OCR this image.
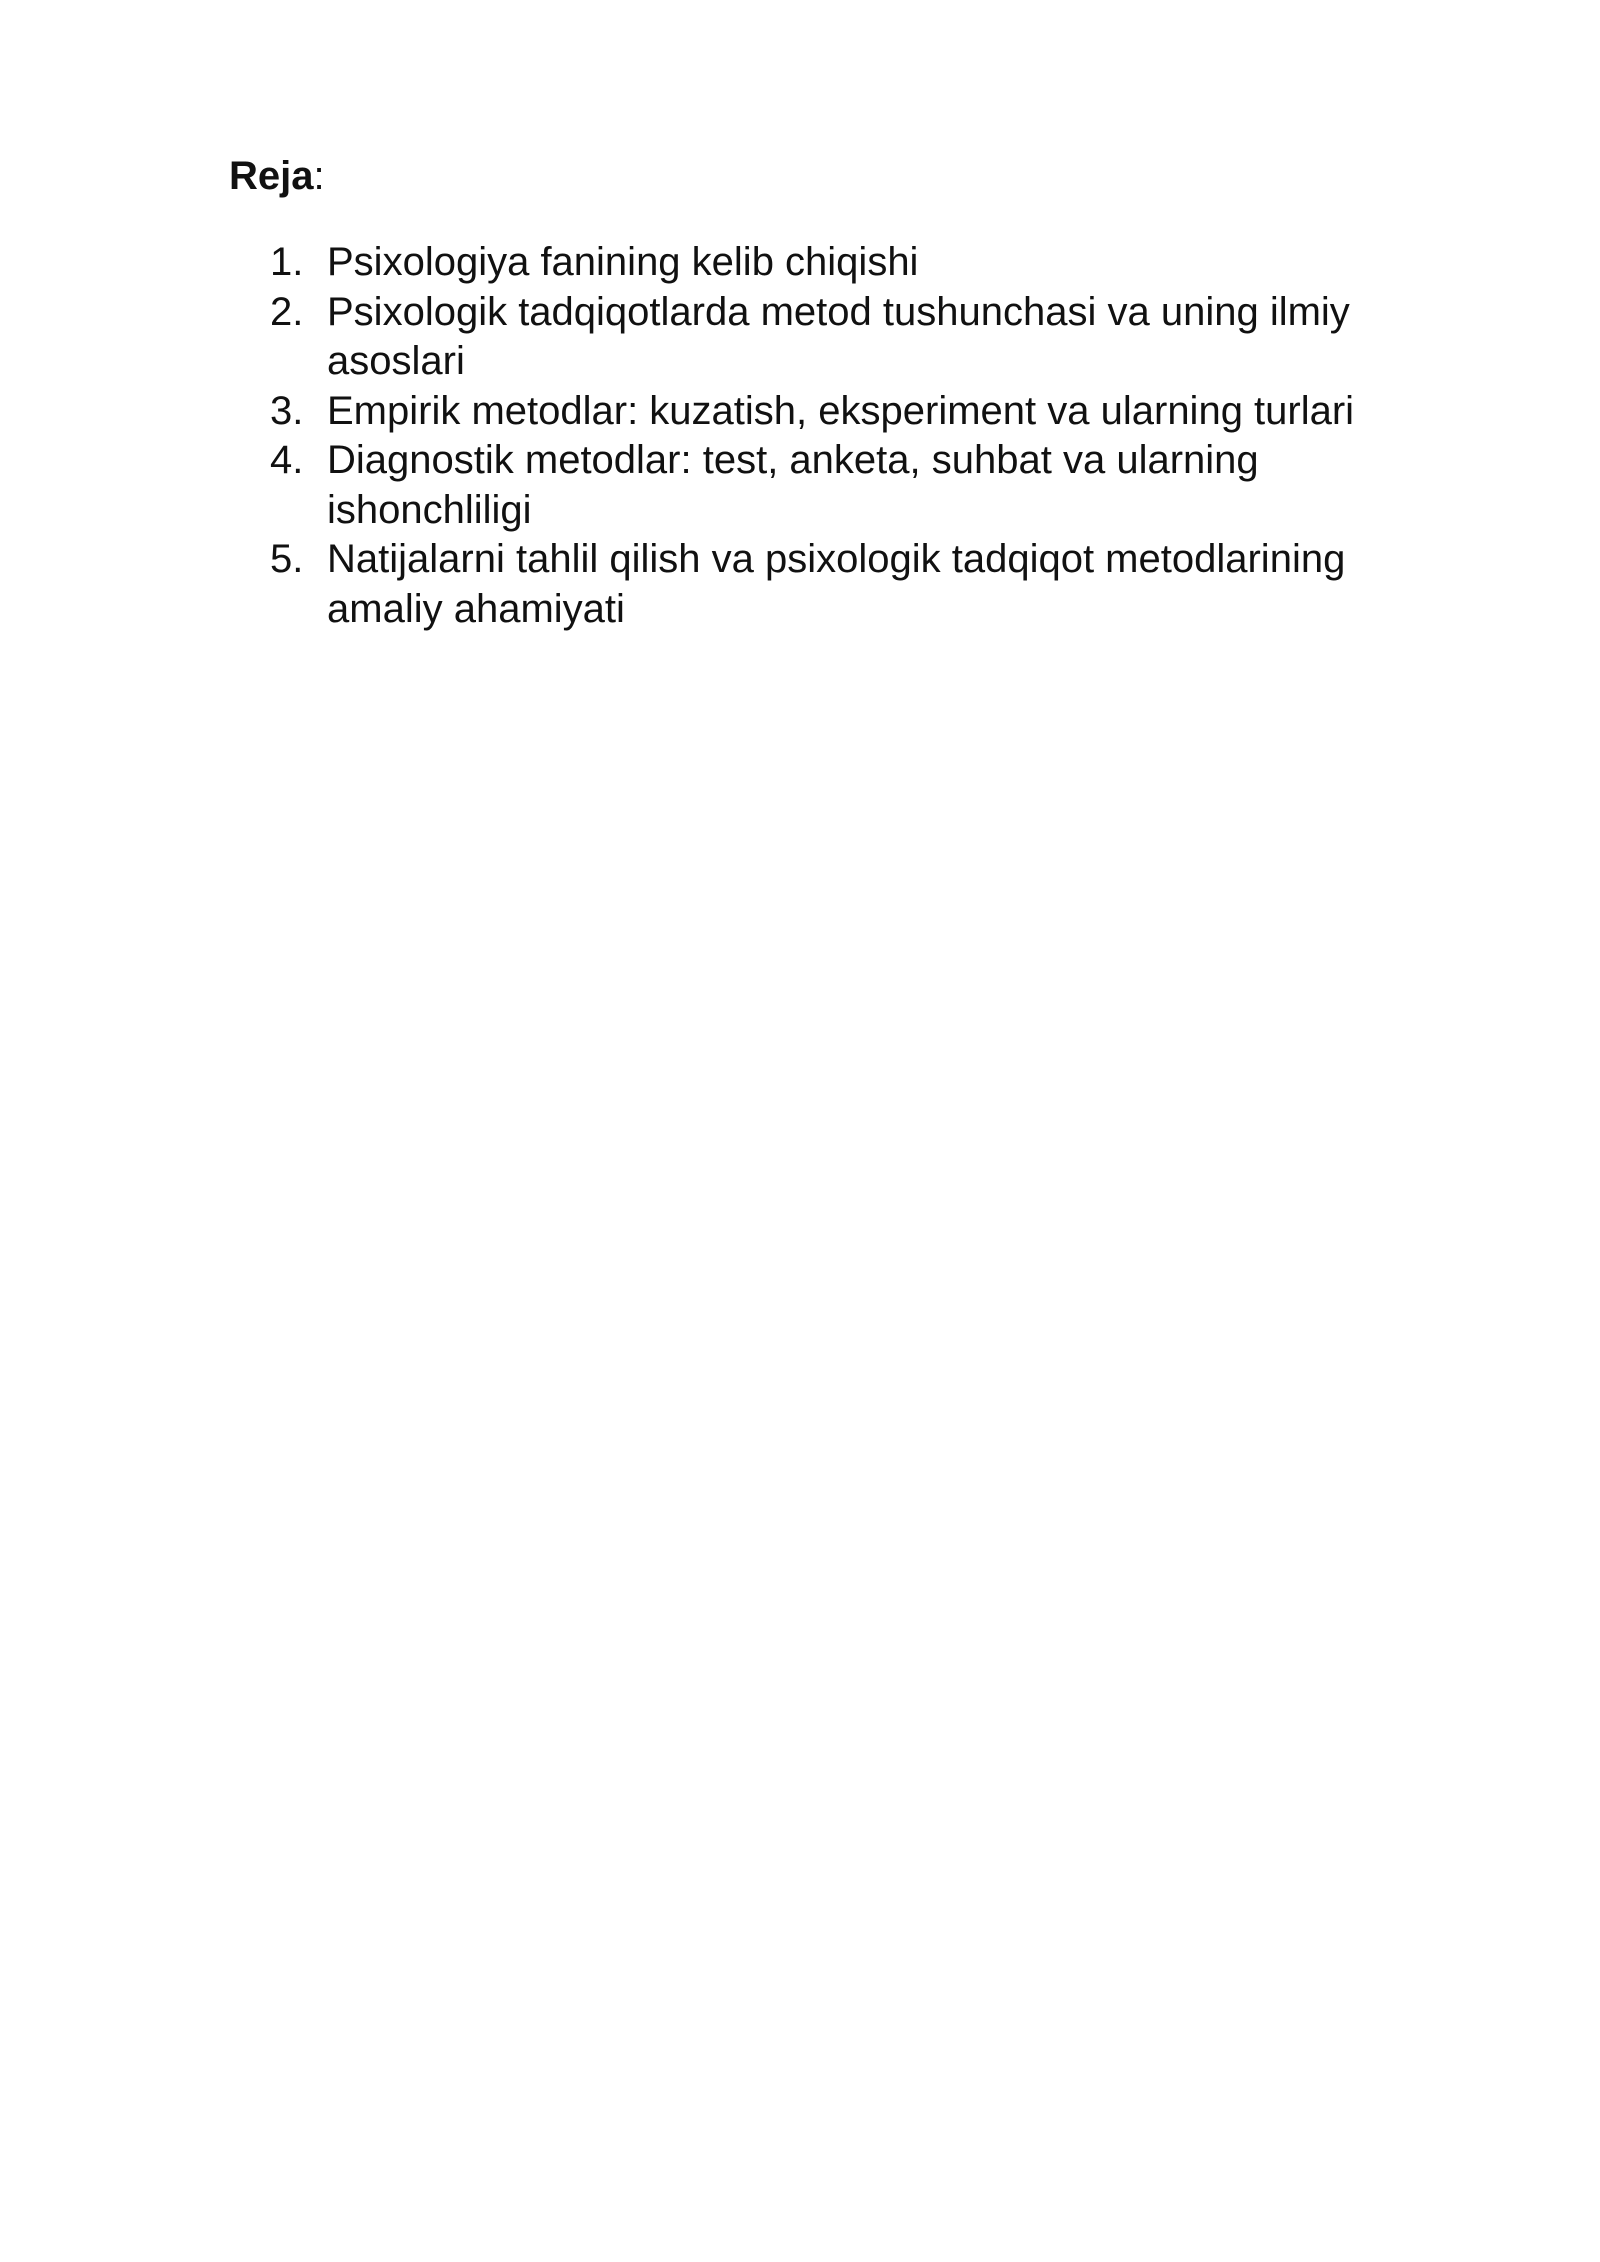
Reja:

1. Psixologiya fanining kelib chiqishi
2. Psixologik tadqiqotlarda metod tushunchasi va uning ilmiy asoslari
3. Empirik metodlar: kuzatish, eksperiment va ularning turlari
4. Diagnostik metodlar: test, anketa, suhbat va ularning ishonchliligi
5. Natijalarni tahlil qilish va psixologik tadqiqot metodlarining amaliy ahamiyati
